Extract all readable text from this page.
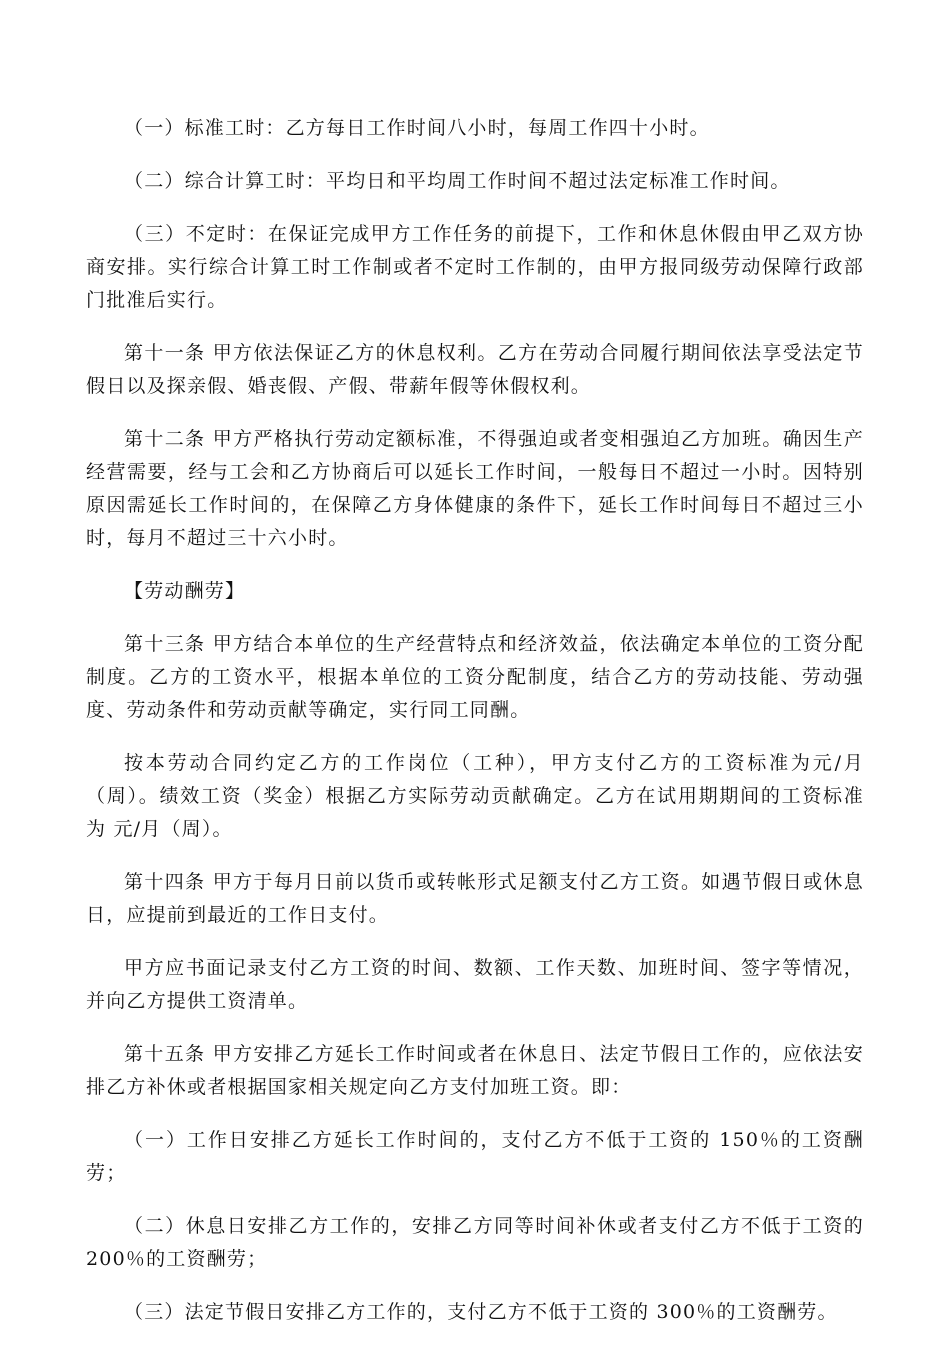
（一）标准工时：乙方每日工作时间八小时，每周工作四十小时。

（二）综合计算工时：平均日和平均周工作时间不超过法定标准工作时间。

（三）不定时：在保证完成甲方工作任务的前提下，工作和休息休假由甲乙双方协商安排。实行综合计算工时工作制或者不定时工作制的，由甲方报同级劳动保障行政部门批准后实行。

第十一条 甲方依法保证乙方的休息权利。乙方在劳动合同履行期间依法享受法定节假日以及探亲假、婚丧假、产假、带薪年假等休假权利。

第十二条 甲方严格执行劳动定额标准，不得强迫或者变相强迫乙方加班。确因生产经营需要，经与工会和乙方协商后可以延长工作时间，一般每日不超过一小时。因特别原因需延长工作时间的，在保障乙方身体健康的条件下，延长工作时间每日不超过三小时，每月不超过三十六小时。

【劳动酬劳】

第十三条 甲方结合本单位的生产经营特点和经济效益，依法确定本单位的工资分配制度。乙方的工资水平，根据本单位的工资分配制度，结合乙方的劳动技能、劳动强度、劳动条件和劳动贡献等确定，实行同工同酬。

按本劳动合同约定乙方的工作岗位（工种），甲方支付乙方的工资标准为元/月（周）。绩效工资（奖金）根据乙方实际劳动贡献确定。乙方在试用期期间的工资标准为 元/月（周）。

第十四条 甲方于每月日前以货币或转帐形式足额支付乙方工资。如遇节假日或休息日，应提前到最近的工作日支付。

甲方应书面记录支付乙方工资的时间、数额、工作天数、加班时间、签字等情况，并向乙方提供工资清单。

第十五条 甲方安排乙方延长工作时间或者在休息日、法定节假日工作的，应依法安排乙方补休或者根据国家相关规定向乙方支付加班工资。即：

（一）工作日安排乙方延长工作时间的，支付乙方不低于工资的 150％的工资酬劳；

（二）休息日安排乙方工作的，安排乙方同等时间补休或者支付乙方不低于工资的 200％的工资酬劳；

（三）法定节假日安排乙方工作的，支付乙方不低于工资的 300％的工资酬劳。
